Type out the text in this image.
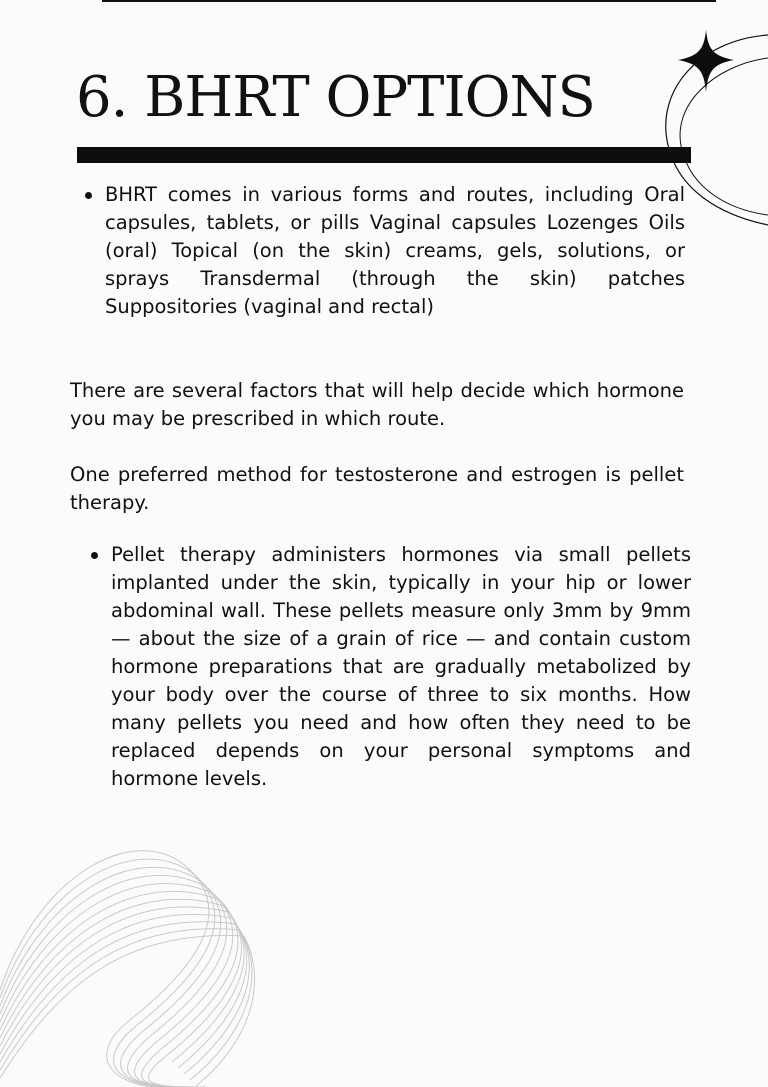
6. BHRT OPTIONS
BHRT comes in various forms and routes, including Oral capsules, tablets, or pills Vaginal capsules Lozenges Oils (oral) Topical (on the skin) creams, gels, solutions, or sprays Transdermal (through the skin) patches Suppositories (vaginal and rectal)

There are several factors that will help decide which hormone you may be prescribed in which route.

One preferred method for testosterone and estrogen is pellet therapy.

Pellet therapy administers hormones via small pellets implanted under the skin, typically in your hip or lower abdominal wall. These pellets measure only 3mm by 9mm — about the size of a grain of rice — and contain custom hormone preparations that are gradually metabolized by your body over the course of three to six months. How many pellets you need and how often they need to be replaced depends on your personal symptoms and hormone levels.
